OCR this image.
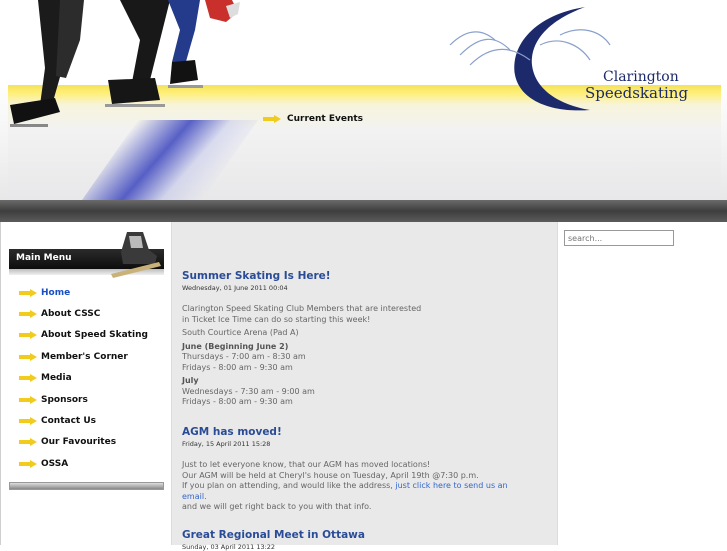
Clarington
Speedskating
Current Events
Main Menu
Home
About CSSC
About Speed Skating
Member's Corner
Media
Sponsors
Contact Us
Our Favourites
OSSA
Summer Skating Is Here!
Wednesday, 01 June 2011 00:04
Clarington Speed Skating Club Members that are interested
in Ticket Ice Time can do so starting this week!
South Courtice Arena (Pad A)
June (Beginning June 2)
Thursdays - 7:00 am - 8:30 am
Fridays - 8:00 am - 9:30 am
July
Wednesdays - 7:30 am - 9:00 am
Fridays - 8:00 am - 9:30 am
AGM has moved!
Friday, 15 April 2011 15:28
Just to let everyone know, that our AGM has moved locations!
Our AGM will be held at Cheryl's house on Tuesday, April 19th @7:30 p.m.
If you plan on attending, and would like the address, just click here to send us an
email.
and we will get right back to you with that info.
Great Regional Meet in Ottawa
Sunday, 03 April 2011 13:22
search...
